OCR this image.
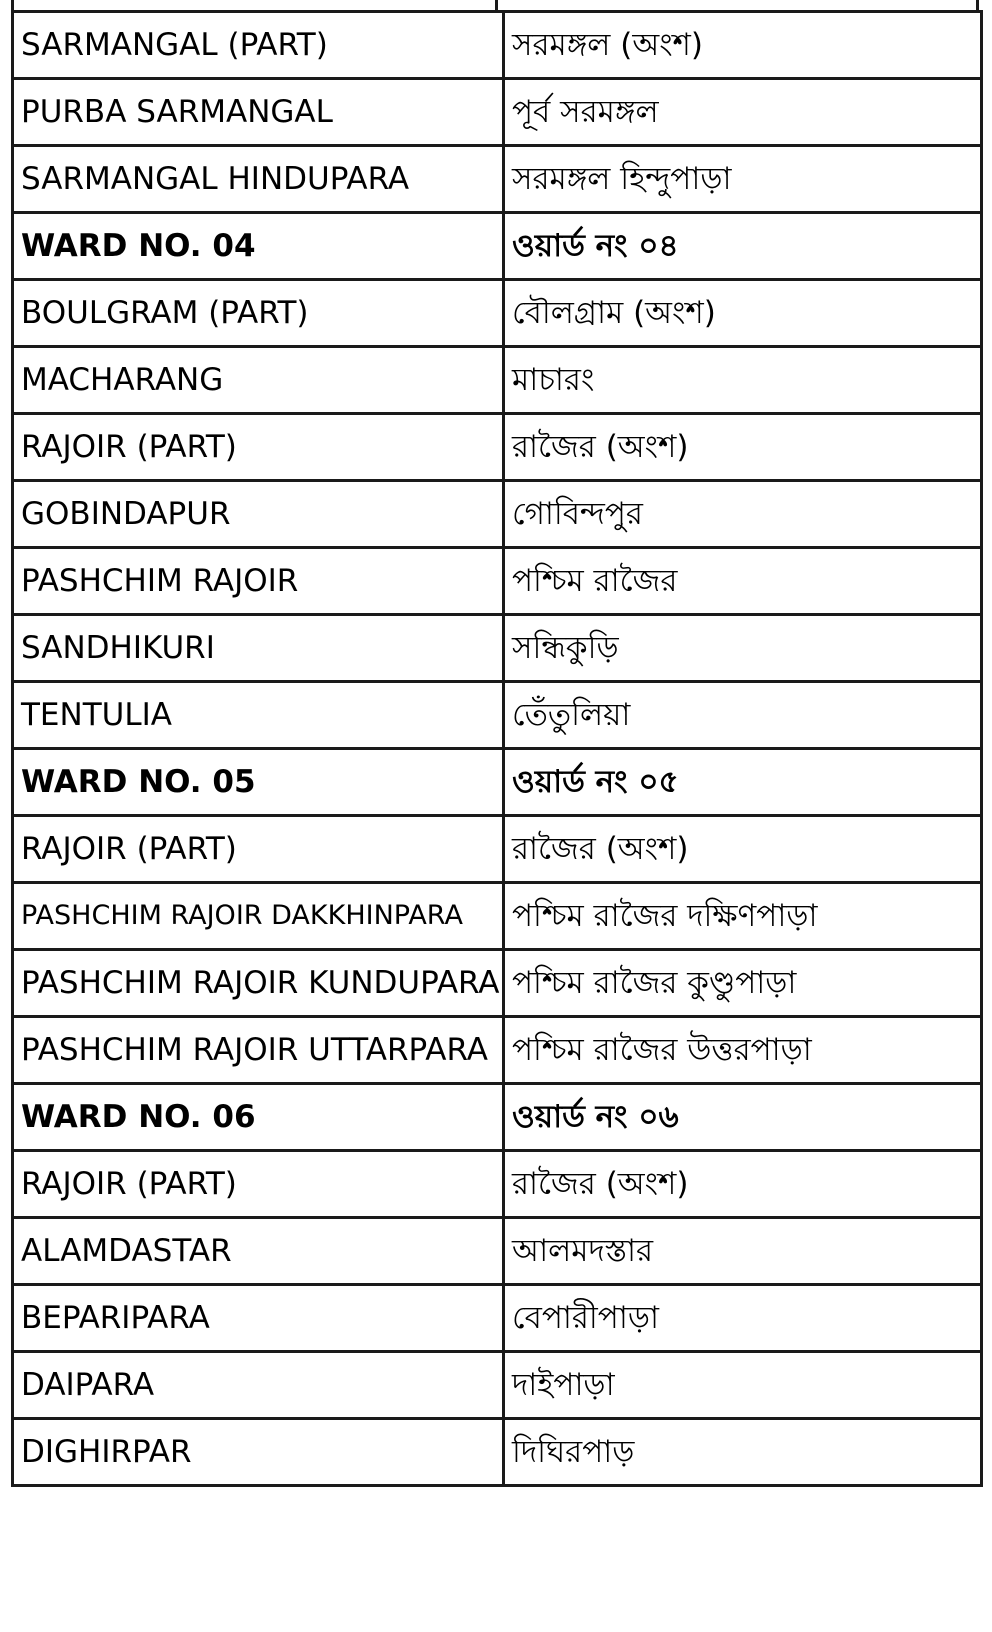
SARMANGAL (PART)	সরমঙ্গল (অংশ)
PURBA SARMANGAL	পূর্ব সরমঙ্গল
SARMANGAL HINDUPARA	সরমঙ্গল হিন্দুপাড়া
WARD NO. 04	ওয়ার্ড নং ০৪
BOULGRAM (PART)	বৌলগ্রাম (অংশ)
MACHARANG	মাচারং
RAJOIR (PART)	রাজৈর (অংশ)
GOBINDAPUR	গোবিন্দপুর
PASHCHIM RAJOIR	পশ্চিম রাজৈর
SANDHIKURI	সন্ধিকুড়ি
TENTULIA	তেঁতুলিয়া
WARD NO. 05	ওয়ার্ড নং ০৫
RAJOIR (PART)	রাজৈর (অংশ)
PASHCHIM RAJOIR DAKKHINPARA	পশ্চিম রাজৈর দক্ষিণপাড়া
PASHCHIM RAJOIR KUNDUPARA	পশ্চিম রাজৈর কুণ্ডুপাড়া
PASHCHIM RAJOIR UTTARPARA	পশ্চিম রাজৈর উত্তরপাড়া
WARD NO. 06	ওয়ার্ড নং ০৬
RAJOIR (PART)	রাজৈর (অংশ)
ALAMDASTAR	আলমদস্তার
BEPARIPARA	বেপারীপাড়া
DAIPARA	দাইপাড়া
DIGHIRPAR	দিঘিরপাড়
